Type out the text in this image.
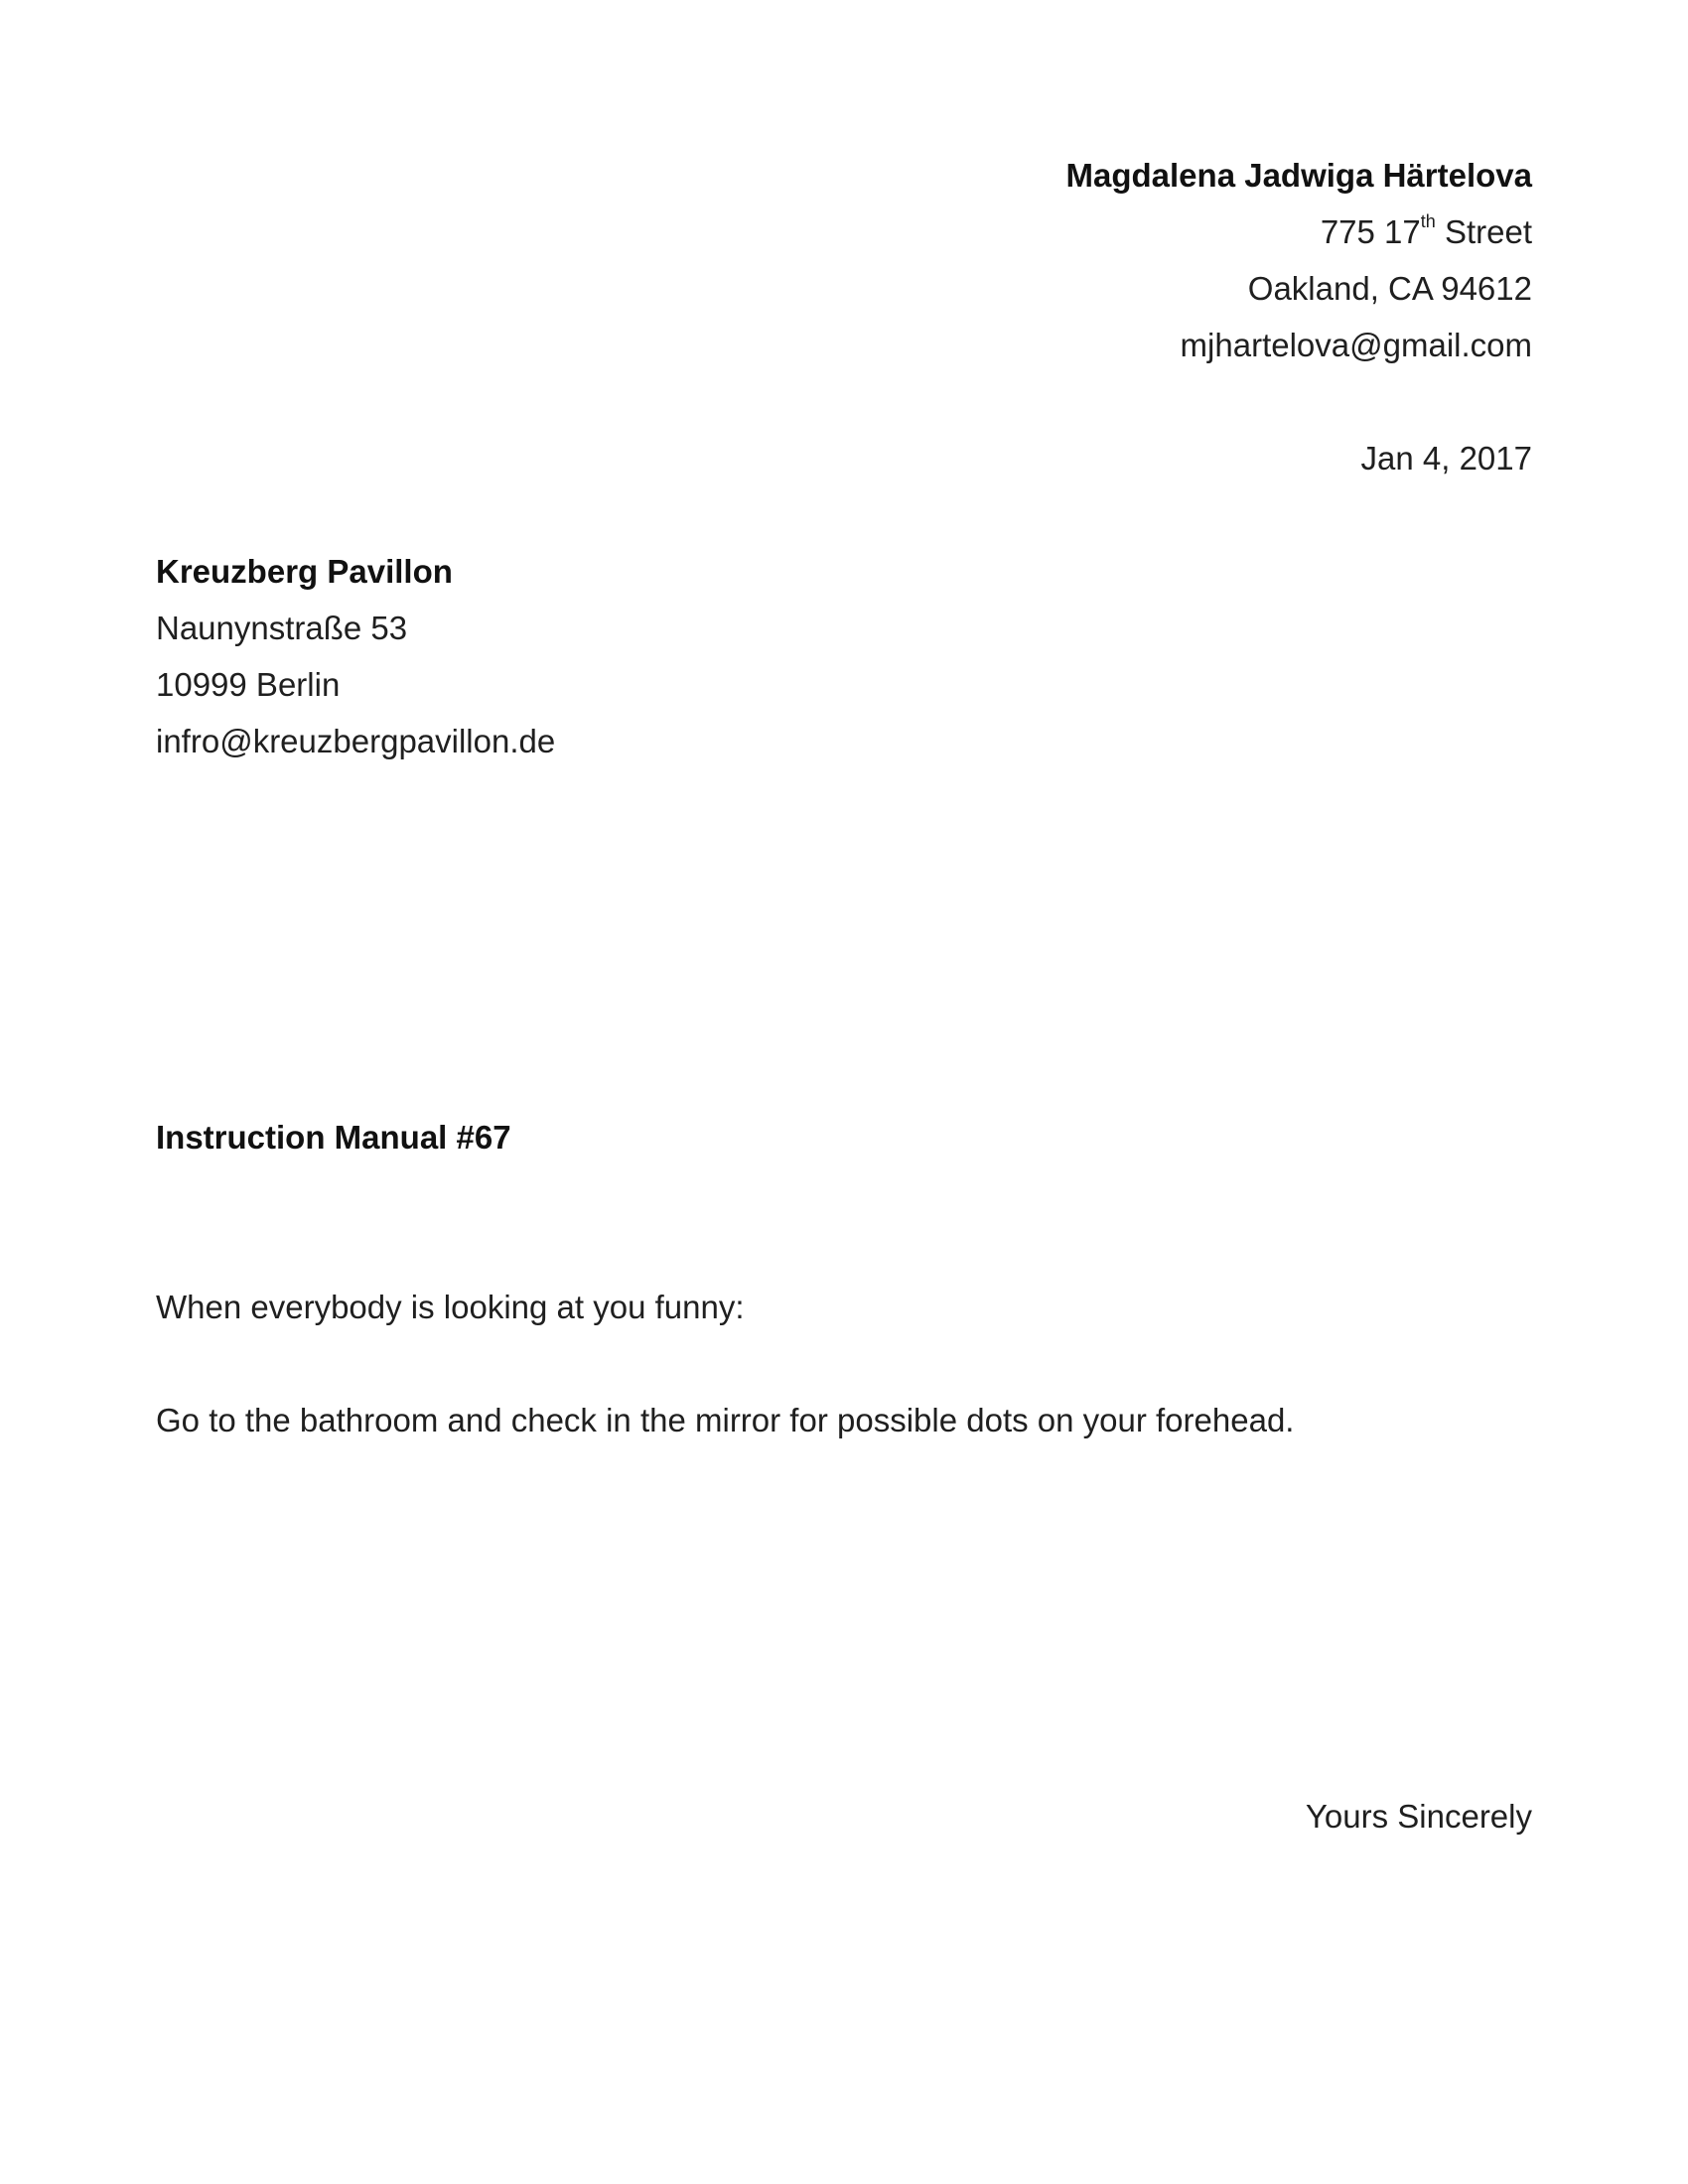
Magdalena Jadwiga Härtelova

775 17th Street

Oakland, CA 94612

mjhartelova@gmail.com

Jan 4, 2017

Kreuzberg Pavillon

Naunynstraße 53

10999 Berlin

infro@kreuzbergpavillon.de

Instruction Manual #67

When everybody is looking at you funny:

Go to the bathroom and check in the mirror for possible dots on your forehead.

Yours Sincerely
